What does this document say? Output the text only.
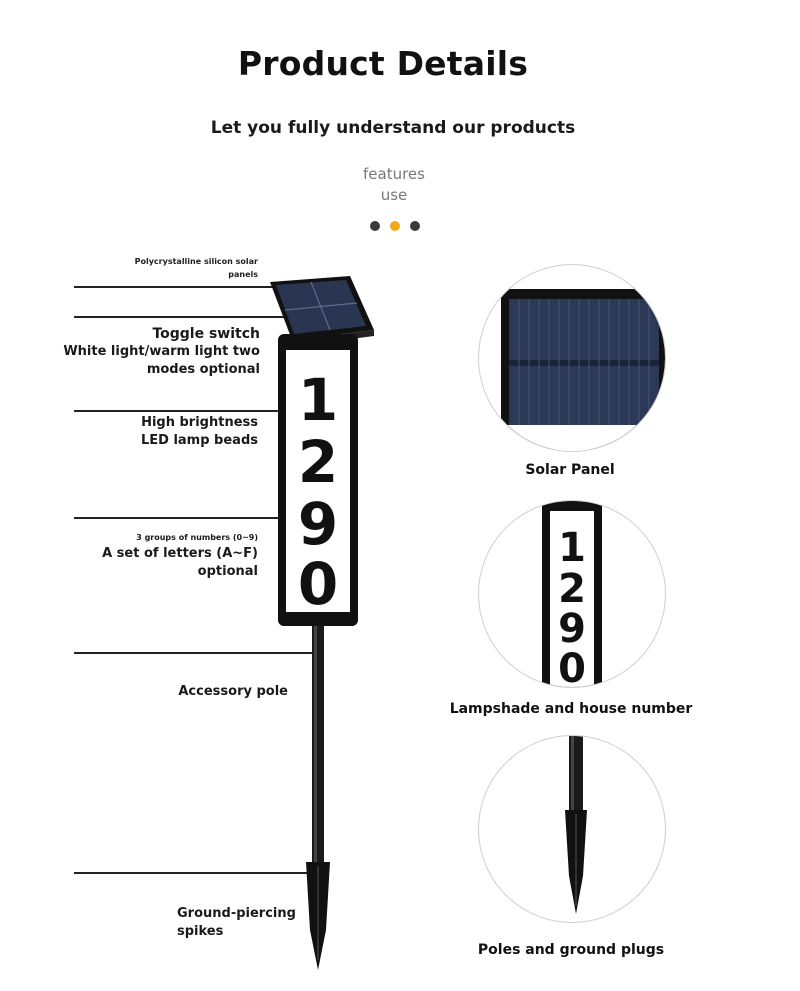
Product Details
Let you fully understand our products
features
use
Polycrystalline silicon solar
panels
Toggle switch
White light/warm light two
modes optional
High brightness
LED lamp beads
3 groups of numbers (0~9)
A set of letters (A~F)
optional
Accessory pole
Ground-piercing
spikes
1
2
9
0
Solar Panel
1
2
9
0
Lampshade and house number
Poles and ground plugs
